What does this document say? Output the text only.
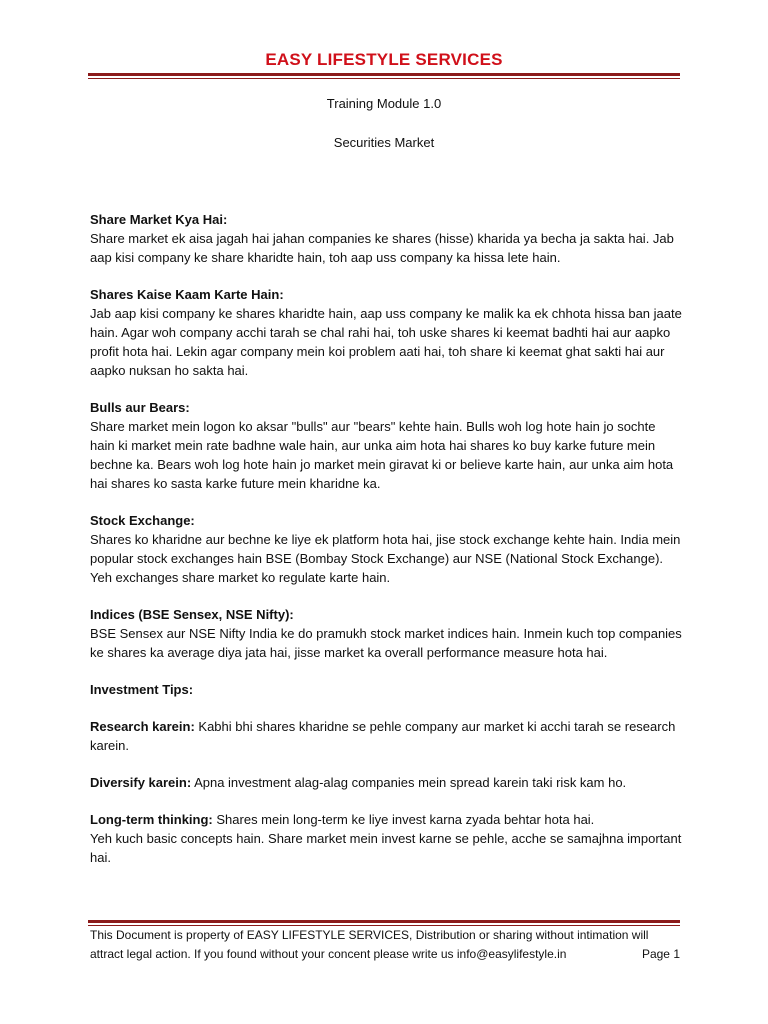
EASY LIFESTYLE SERVICES
Training Module 1.0
Securities Market
Share Market Kya Hai:

Share market ek aisa jagah hai jahan companies ke shares (hisse) kharida ya becha ja sakta hai. Jab aap kisi company ke share kharidte hain, toh aap uss company ka hissa lete hain.

Shares Kaise Kaam Karte Hain:

Jab aap kisi company ke shares kharidte hain, aap uss company ke malik ka ek chhota hissa ban jaate hain. Agar woh company acchi tarah se chal rahi hai, toh uske shares ki keemat badhti hai aur aapko profit hota hai. Lekin agar company mein koi problem aati hai, toh share ki keemat ghat sakti hai aur aapko nuksan ho sakta hai.

Bulls aur Bears:

Share market mein logon ko aksar "bulls" aur "bears" kehte hain. Bulls woh log hote hain jo sochte hain ki market mein rate badhne wale hain, aur unka aim hota hai shares ko buy karke future mein bechne ka. Bears woh log hote hain jo market mein giravat ki or believe karte hain, aur unka aim hota hai shares ko sasta karke future mein kharidne ka.

Stock Exchange:

Shares ko kharidne aur bechne ke liye ek platform hota hai, jise stock exchange kehte hain. India mein popular stock exchanges hain BSE (Bombay Stock Exchange) aur NSE (National Stock Exchange). Yeh exchanges share market ko regulate karte hain.

Indices (BSE Sensex, NSE Nifty):

BSE Sensex aur NSE Nifty India ke do pramukh stock market indices hain. Inmein kuch top companies ke shares ka average diya jata hai, jisse market ka overall performance measure hota hai.

Investment Tips:
Research karein: Kabhi bhi shares kharidne se pehle company aur market ki acchi tarah se research karein.
Diversify karein: Apna investment alag-alag companies mein spread karein taki risk kam ho.
Long-term thinking: Shares mein long-term ke liye invest karna zyada behtar hota hai.
Yeh kuch basic concepts hain. Share market mein invest karne se pehle, acche se samajhna important hai.
This Document is property of EASY LIFESTYLE SERVICES, Distribution or sharing without intimation will
attract legal action. If you found without your concent please write us info@easylifestyle.in	Page 1
